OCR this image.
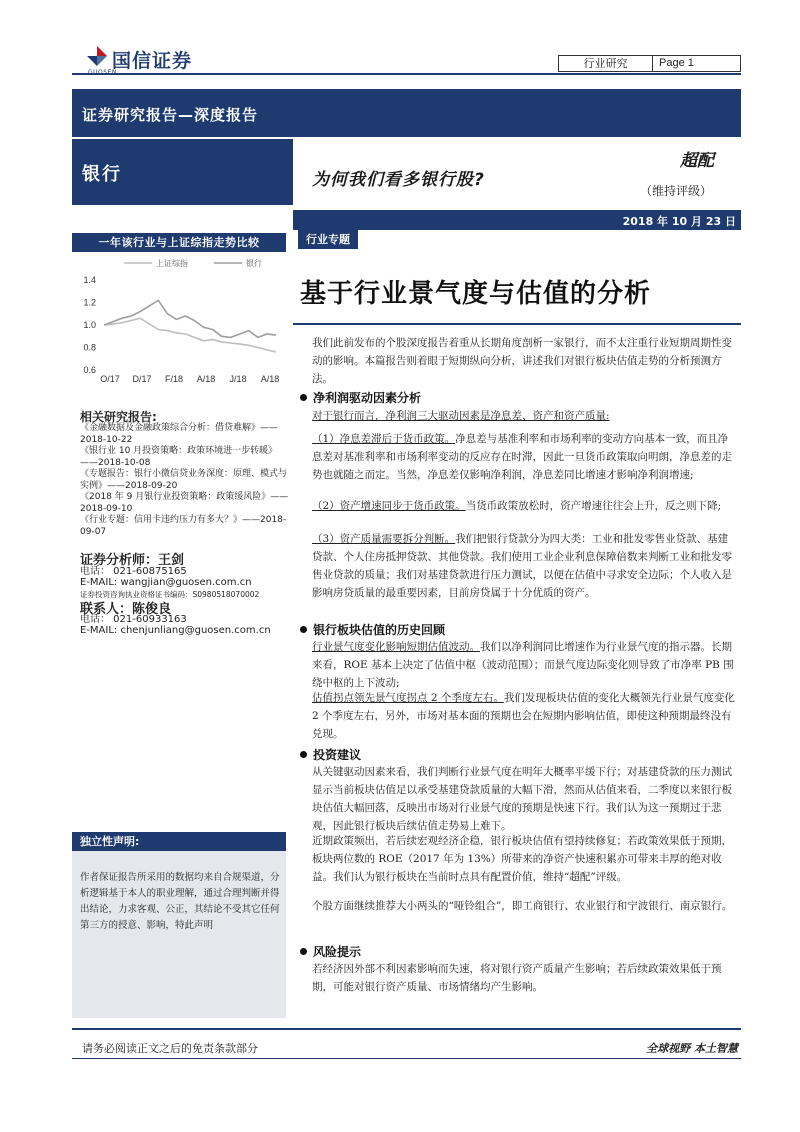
国信证券	行业研究	Page 1
证券研究报告—深度报告
银行	为何我们看多银行股?
超配
（维持评级）
2018 年 10 月 23 日
一年该行业与上证综指走势比较
1.4
1.2
1.0
0.8
0.6
O/17 D/17 F/18 A/18 J/18 A/18
上证综指	银行
相关研究报告:
《金融数据及金融政策综合分析：借贷难解》——2018-10-22
《银行业 10 月投资策略：政策环境进一步转暖》——2018-10-08
《专题报告：银行小微信贷业务深度：原理、模式与实例》——2018-09-20
《2018 年 9 月银行业投资策略：政策缓风险》——2018-09-10
《行业专题：信用卡违约压力有多大？》——2018-09-07
证券分析师：王剑
电话： 021-60875165
E-MAIL: wangjian@guosen.com.cn
证券投资咨询执业资格证书编码：S0980518070002
联系人：陈俊良
电话： 021-60933163
E-MAIL: chenjunliang@guosen.com.cn
独立性声明:
作者保证报告所采用的数据均来自合规渠道，分析逻辑基于本人的职业理解，通过合理判断并得出结论，力求客观、公正，其结论不受其它任何第三方的授意、影响，特此声明
行业专题
基于行业景气度与估值的分析
我们此前发布的个股深度报告着重从长期角度剖析一家银行，而不太注重行业短期周期性变动的影响。本篇报告则着眼于短期纵向分析，讲述我们对银行板块估值走势的分析预测方法。
净利润驱动因素分析
对于银行而言，净利润三大驱动因素是净息差、资产和资产质量:
（1）净息差滞后于货币政策。净息差与基准利率和市场利率的变动方向基本一致，而且净息差对基准利率和市场利率变动的反应存在时滞，因此一旦货币政策取向明朗，净息差的走势也就随之而定。当然，净息差仅影响净利润，净息差同比增速才影响净利润增速;
（2）资产增速同步于货币政策。当货币政策放松时，资产增速往往会上升，反之则下降;
（3）资产质量需要拆分判断。我们把银行贷款分为四大类：工业和批发零售业贷款、基建贷款、个人住房抵押贷款、其他贷款。我们使用工业企业利息保障倍数来判断工业和批发零售业贷款的质量；我们对基建贷款进行压力测试，以便在估值中寻求安全边际；个人收入是影响房贷质量的最重要因素，目前房贷属于十分优质的资产。
银行板块估值的历史回顾
行业景气度变化影响短期估值波动。我们以净利润同比增速作为行业景气度的指示器。长期来看，ROE 基本上决定了估值中枢（波动范围）；而景气度边际变化则导致了市净率 PB 围绕中枢的上下波动;
估值拐点领先景气度拐点 2 个季度左右。我们发现板块估值的变化大概领先行业景气度变化 2 个季度左右，另外，市场对基本面的预期也会在短期内影响估值，即使这种预期最终没有兑现。
投资建议
从关键驱动因素来看，我们判断行业景气度在明年大概率平缓下行；对基建贷款的压力测试显示当前板块估值足以承受基建贷款质量的大幅下滑，然而从估值来看，二季度以来银行板块估值大幅回落，反映出市场对行业景气度的预期是快速下行。我们认为这一预期过于悲观，因此银行板块后续估值走势易上难下。
近期政策频出，若后续宏观经济企稳，银行板块估值有望持续修复；若政策效果低于预期，板块两位数的 ROE（2017 年为 13%）所带来的净资产快速积累亦可带来丰厚的绝对收益。我们认为银行板块在当前时点具有配置价值，维持“超配”评级。
个股方面继续推荐大小两头的“哑铃组合”，即工商银行、农业银行和宁波银行、南京银行。
风险提示
若经济因外部不利因素影响而失速，将对银行资产质量产生影响；若后续政策效果低于预期，可能对银行资产质量、市场情绪均产生影响。
请务必阅读正文之后的免责条款部分	全球视野 本土智慧
